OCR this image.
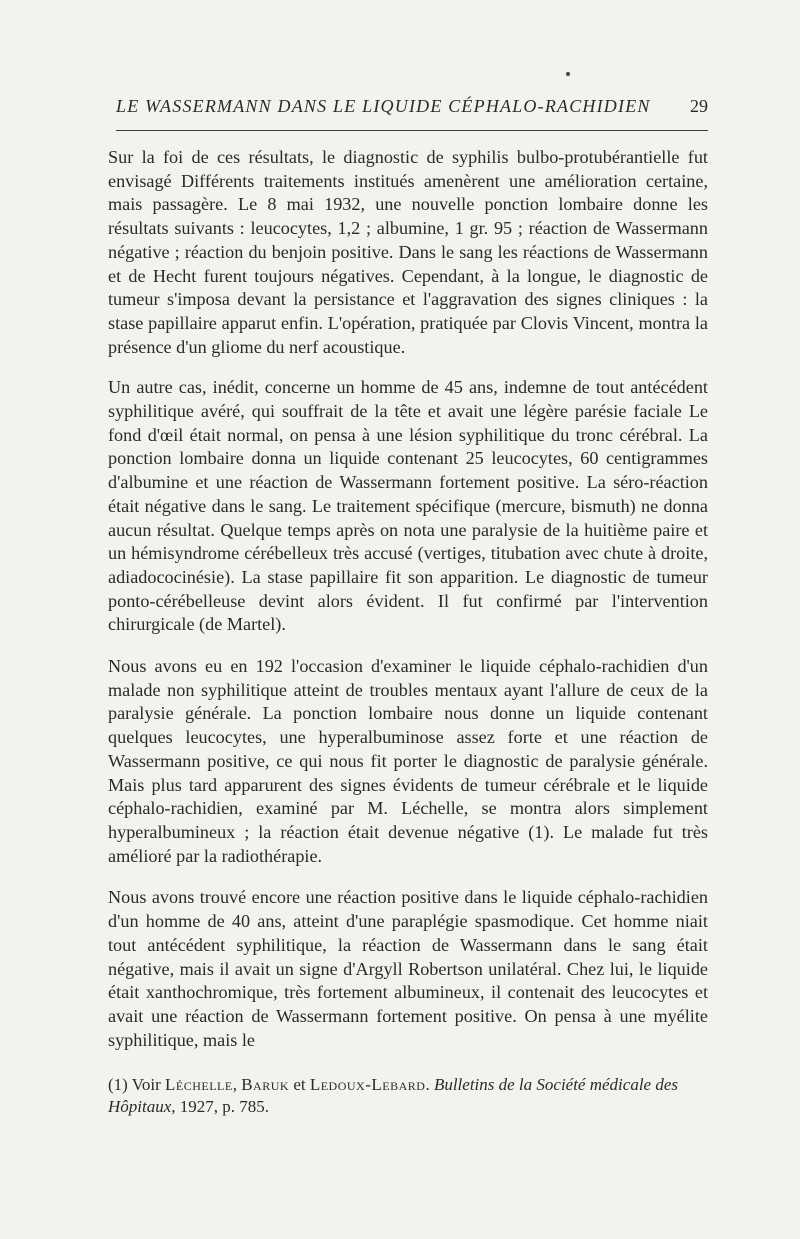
LE WASSERMANN DANS LE LIQUIDE CÉPHALO-RACHIDIEN 29

Sur la foi de ces résultats, le diagnostic de syphilis bulbo-protubérantielle fut envisagé Différents traitements institués amenèrent une amélioration certaine, mais passagère. Le 8 mai 1932, une nouvelle ponction lombaire donne les résultats suivants : leucocytes, 1,2 ; albumine, 1 gr. 95 ; réaction de Wassermann négative ; réaction du benjoin positive. Dans le sang les réactions de Wassermann et de Hecht furent toujours négatives. Cependant, à la longue, le diagnostic de tumeur s'imposa devant la persistance et l'aggravation des signes cliniques : la stase papillaire apparut enfin. L'opération, pratiquée par Clovis Vincent, montra la présence d'un gliome du nerf acoustique.

Un autre cas, inédit, concerne un homme de 45 ans, indemne de tout antécédent syphilitique avéré, qui souffrait de la tête et avait une légère parésie faciale Le fond d'œil était normal, on pensa à une lésion syphilitique du tronc cérébral. La ponction lombaire donna un liquide contenant 25 leucocytes, 60 centigrammes d'albumine et une réaction de Wassermann fortement positive. La séro-réaction était négative dans le sang. Le traitement spécifique (mercure, bismuth) ne donna aucun résultat. Quelque temps après on nota une paralysie de la huitième paire et un hémisyndrome cérébelleux très accusé (vertiges, titubation avec chute à droite, adiadococinésie). La stase papillaire fit son apparition. Le diagnostic de tumeur ponto-cérébelleuse devint alors évident. Il fut confirmé par l'intervention chirurgicale (de Martel).

Nous avons eu en 192 l'occasion d'examiner le liquide céphalo-rachidien d'un malade non syphilitique atteint de troubles mentaux ayant l'allure de ceux de la paralysie générale. La ponction lombaire nous donne un liquide contenant quelques leucocytes, une hyperalbuminose assez forte et une réaction de Wassermann positive, ce qui nous fit porter le diagnostic de paralysie générale. Mais plus tard apparurent des signes évidents de tumeur cérébrale et le liquide céphalo-rachidien, examiné par M. Léchelle, se montra alors simplement hyperalbumineux ; la réaction était devenue négative (1). Le malade fut très amélioré par la radiothérapie.

Nous avons trouvé encore une réaction positive dans le liquide céphalo-rachidien d'un homme de 40 ans, atteint d'une paraplégie spasmodique. Cet homme niait tout antécédent syphilitique, la réaction de Wassermann dans le sang était négative, mais il avait un signe d'Argyll Robertson unilatéral. Chez lui, le liquide était xanthochromique, très fortement albumineux, il contenait des leucocytes et avait une réaction de Wassermann fortement positive. On pensa à une myélite syphilitique, mais le

(1) Voir Léchelle, Baruk et Ledoux-Lebard. Bulletins de la Société médicale des Hôpitaux, 1927, p. 785.
